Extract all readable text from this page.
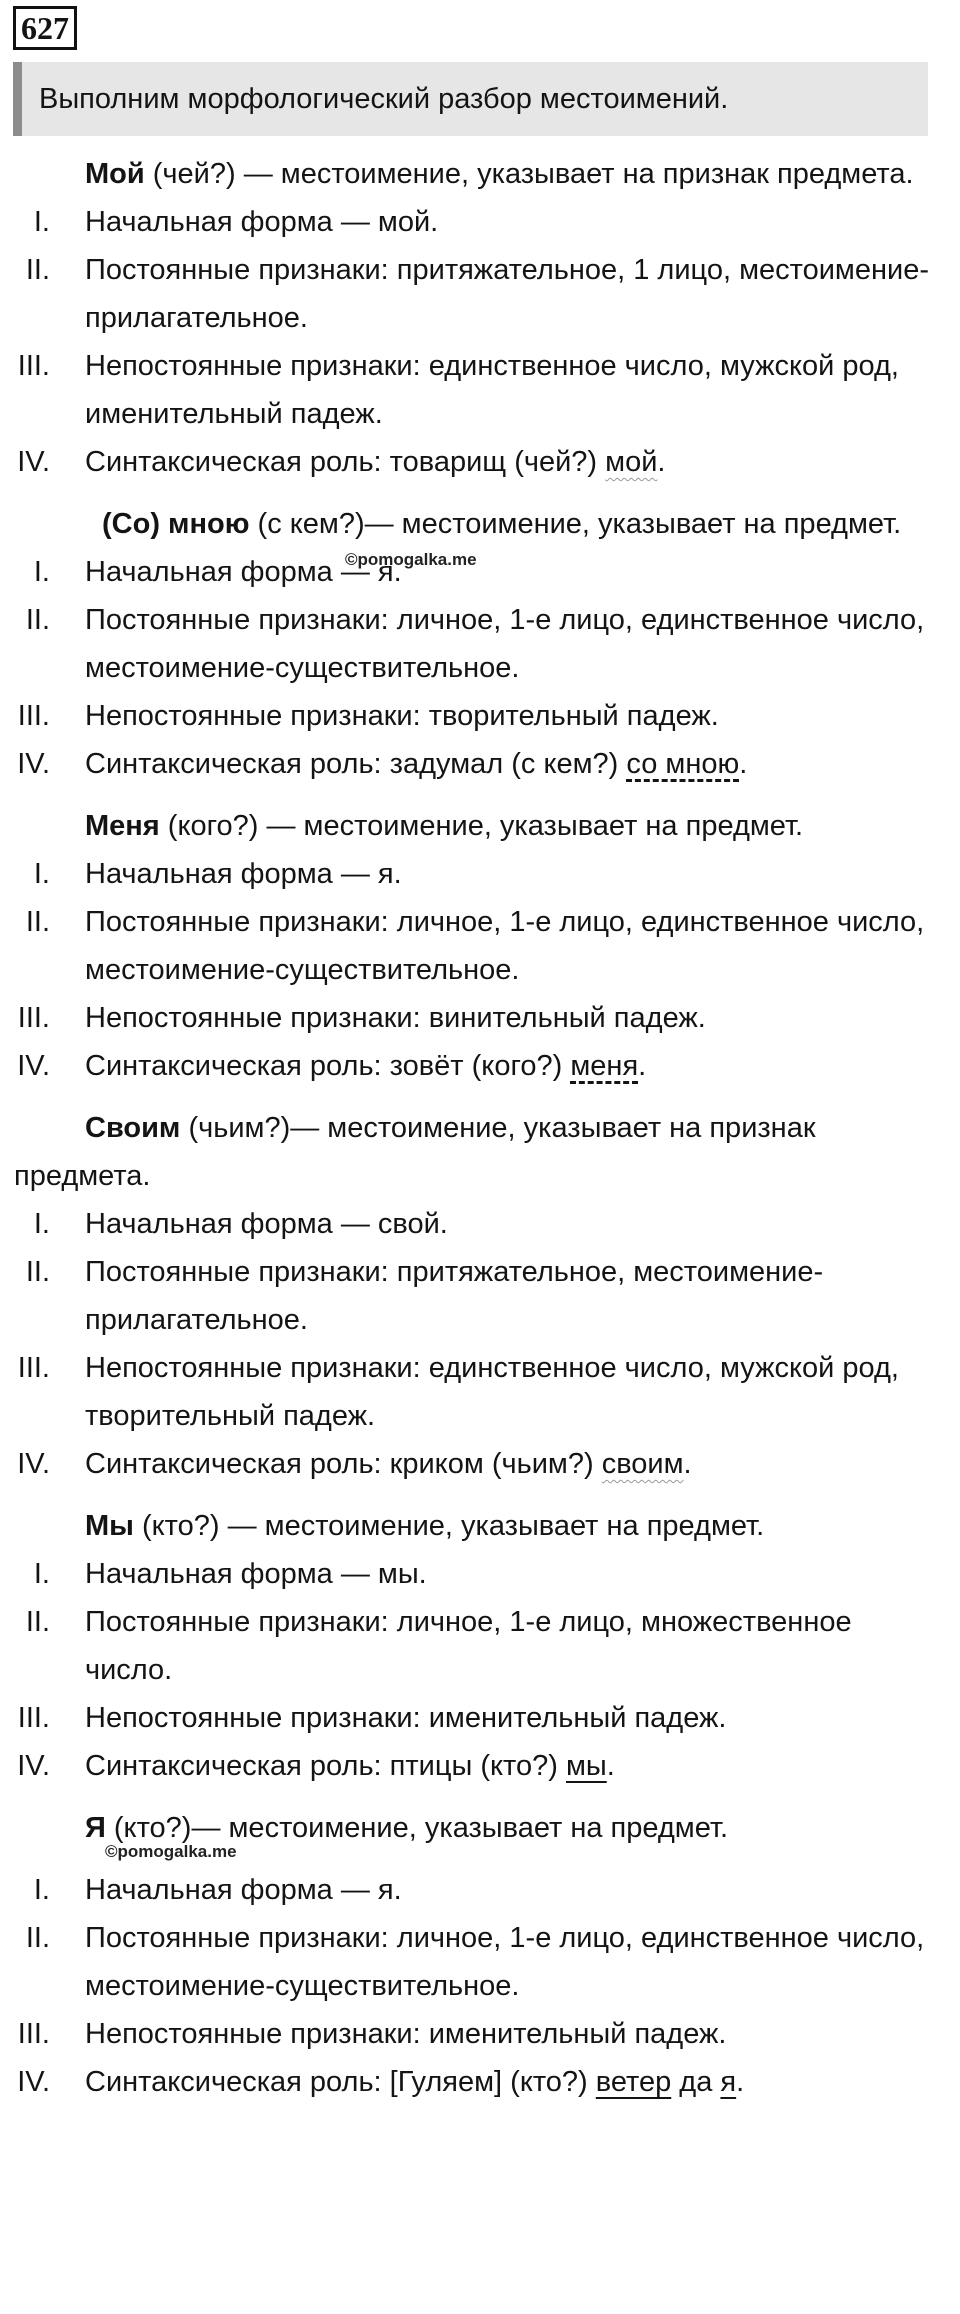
627
Выполним морфологический разбор местоимений.

Мой (чей?) — местоимение, указывает на признак предмета.

I. Начальная форма — мой.
II. Постоянные признаки: притяжательное, 1 лицо, местоимение-прилагательное.
III. Непостоянные признаки: единственное число, мужской род, именительный падеж.
IV. Синтаксическая роль: товарищ (чей?) мой.
©pomogalka.me

(Со) мною (с кем?)— местоимение, указывает на предмет.

I. Начальная форма — я.
II. Постоянные признаки: личное, 1-е лицо, единственное число, местоимение-существительное.
III. Непостоянные признаки: творительный падеж.
IV. Синтаксическая роль: задумал (с кем?) со мною.

Меня (кого?) — местоимение, указывает на предмет.

I. Начальная форма — я.
II. Постоянные признаки: личное, 1-е лицо, единственное число, местоимение-существительное.
III. Непостоянные признаки: винительный падеж.
IV. Синтаксическая роль: зовёт (кого?) меня.

Своим (чьим?)— местоимение, указывает на признак предмета.

I. Начальная форма — свой.
II. Постоянные признаки: притяжательное, местоимение-прилагательное.
III. Непостоянные признаки: единственное число, мужской род, творительный падеж.
IV. Синтаксическая роль: криком (чьим?) своим.

Мы (кто?) — местоимение, указывает на предмет.

I. Начальная форма — мы.
II. Постоянные признаки: личное, 1-е лицо, множественное число.
III. Непостоянные признаки: именительный падеж.
IV. Синтаксическая роль: птицы (кто?) мы.

Я (кто?)— местоимение, указывает на предмет.

©pomogalka.me
I. Начальная форма — я.
II. Постоянные признаки: личное, 1-е лицо, единственное число, местоимение-существительное.
III. Непостоянные признаки: именительный падеж.
IV. Синтаксическая роль: [Гуляем] (кто?) ветер да я.
